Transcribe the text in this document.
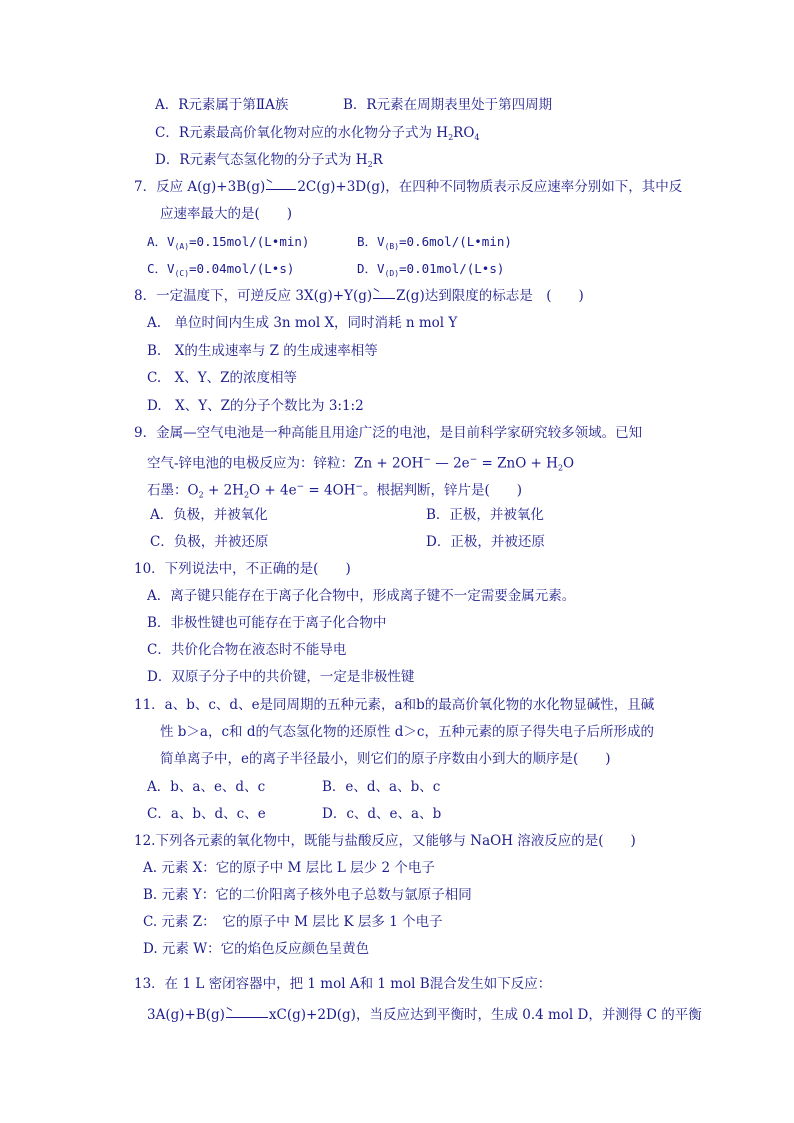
A．R元素属于第ⅡA族	B．R元素在周期表里处于第四周期
C．R元素最高价氧化物对应的水化物分子式为 $H_2RO_4$
D．R元素气态氢化物的分子式为 $H_2R$
7．反应 A(g)+3B(g) 2C(g)+3D(g)，在四种不同物质表示反应速率分别如下，其中反
应速率最大的是(　　)
A．$V_{(A)}=0.15mol/(L•\min)$	B．$V_{(B)}=0.6mol/(L•\min)$
C．$V_{(C)}=0.04mol/(L•s)$	D．$V_{(D)}=0.01mol/(L•s)$
8．一定温度下，可逆反应 3X(g)+Y(g) Z(g)达到限度的标志是　(　　)
A.　单位时间内生成 3n mol X，同时消耗 n mol Y
B.　X的生成速率与 Z 的生成速率相等
C.　X、Y、Z的浓度相等
D.　X、Y、Z的分子个数比为 3:1:2
9．金属—空气电池是一种高能且用途广泛的电池，是目前科学家研究较多领域。已知
空气-锌电池的电极反应为：锌粒：Zn + 2OH− — 2e− = ZnO + $H_2O$
石墨：$O_2 + 2H_2O + 4e^- = 4OH^-$。根据判断，锌片是(　　)
A．负极，并被氧化	B．正极，并被氧化
C．负极，并被还原	D．正极，并被还原
10．下列说法中，不正确的是(　　)
A．离子键只能存在于离子化合物中，形成离子键不一定需要金属元素。
B．非极性键也可能存在于离子化合物中
C．共价化合物在液态时不能导电
D．双原子分子中的共价键，一定是非极性键
11．a、b、c、d、e是同周期的五种元素，a和b的最高价氧化物的水化物显碱性，且碱
性 b＞a，c和 d的气态氢化物的还原性 d＞c，五种元素的原子得失电子后所形成的
简单离子中，e的离子半径最小，则它们的原子序数由小到大的顺序是(　　)
A．b、a、e、d、c	B．e、d、a、b、c
C．a、b、d、c、e	D．c、d、e、a、b
12.下列各元素的氧化物中，既能与盐酸反应，又能够与 NaOH 溶液反应的是(　　)
A. 元素 X：它的原子中 M 层比 L 层少 2 个电子
B. 元素 Y：它的二价阳离子核外电子总数与氩原子相同
C. 元素 Z：　它的原子中 M 层比 K 层多 1 个电子
D. 元素 W：它的焰色反应颜色呈黄色
13．在 1 L 密闭容器中，把 1 mol A和 1 mol B混合发生如下反应：
3A(g)+B(g)	xC(g)+2D(g)，当反应达到平衡时，生成 0.4 mol D，并测得 C 的平衡
